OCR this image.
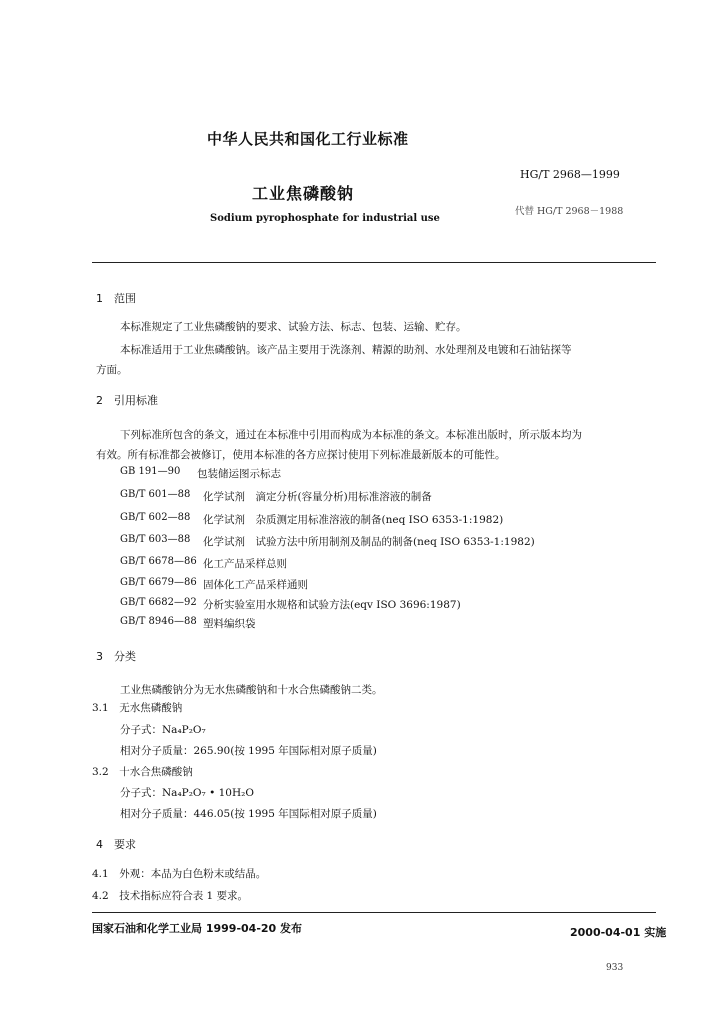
中华人民共和国化工行业标准
HG/T 2968—1999
工业焦磷酸钠
代替 HG/T 2968－1988
Sodium pyrophosphate for industrial use
1　范围
本标准规定了工业焦磷酸钠的要求、试验方法、标志、包装、运输、贮存。
本标准适用于工业焦磷酸钠。该产品主要用于洗涤剂、精源的助剂、水处理剂及电镀和石油钻探等
方面。
2　引用标准
下列标准所包含的条文，通过在本标准中引用而构成为本标准的条文。本标准出版时，所示版本均为
有效。所有标准都会被修订，使用本标准的各方应探讨使用下列标准最新版本的可能性。
GB 191—90 包装储运图示标志
GB/T 601—88 化学试剂　滴定分析(容量分析)用标准溶液的制备
GB/T 602—88 化学试剂　杂质测定用标准溶液的制备(neq ISO 6353-1:1982)
GB/T 603—88 化学试剂　试验方法中所用制剂及制品的制备(neq ISO 6353-1:1982)
GB/T 6678—86 化工产品采样总则
GB/T 6679—86 固体化工产品采样通则
GB/T 6682—92 分析实验室用水规格和试验方法(eqv ISO 3696:1987)
GB/T 8946—88 塑料编织袋
3　分类
工业焦磷酸钠分为无水焦磷酸钠和十水合焦磷酸钠二类。
3.1　无水焦磷酸钠
分子式：Na₄P₂O₇
相对分子质量：265.90(按 1995 年国际相对原子质量)
3.2　十水合焦磷酸钠
分子式：Na₄P₂O₇ • 10H₂O
相对分子质量：446.05(按 1995 年国际相对原子质量)
4　要求
4.1　外观：本品为白色粉末或结晶。
4.2　技术指标应符合表 1 要求。
国家石油和化学工业局 1999-04-20 发布	2000-04-01 实施
933
